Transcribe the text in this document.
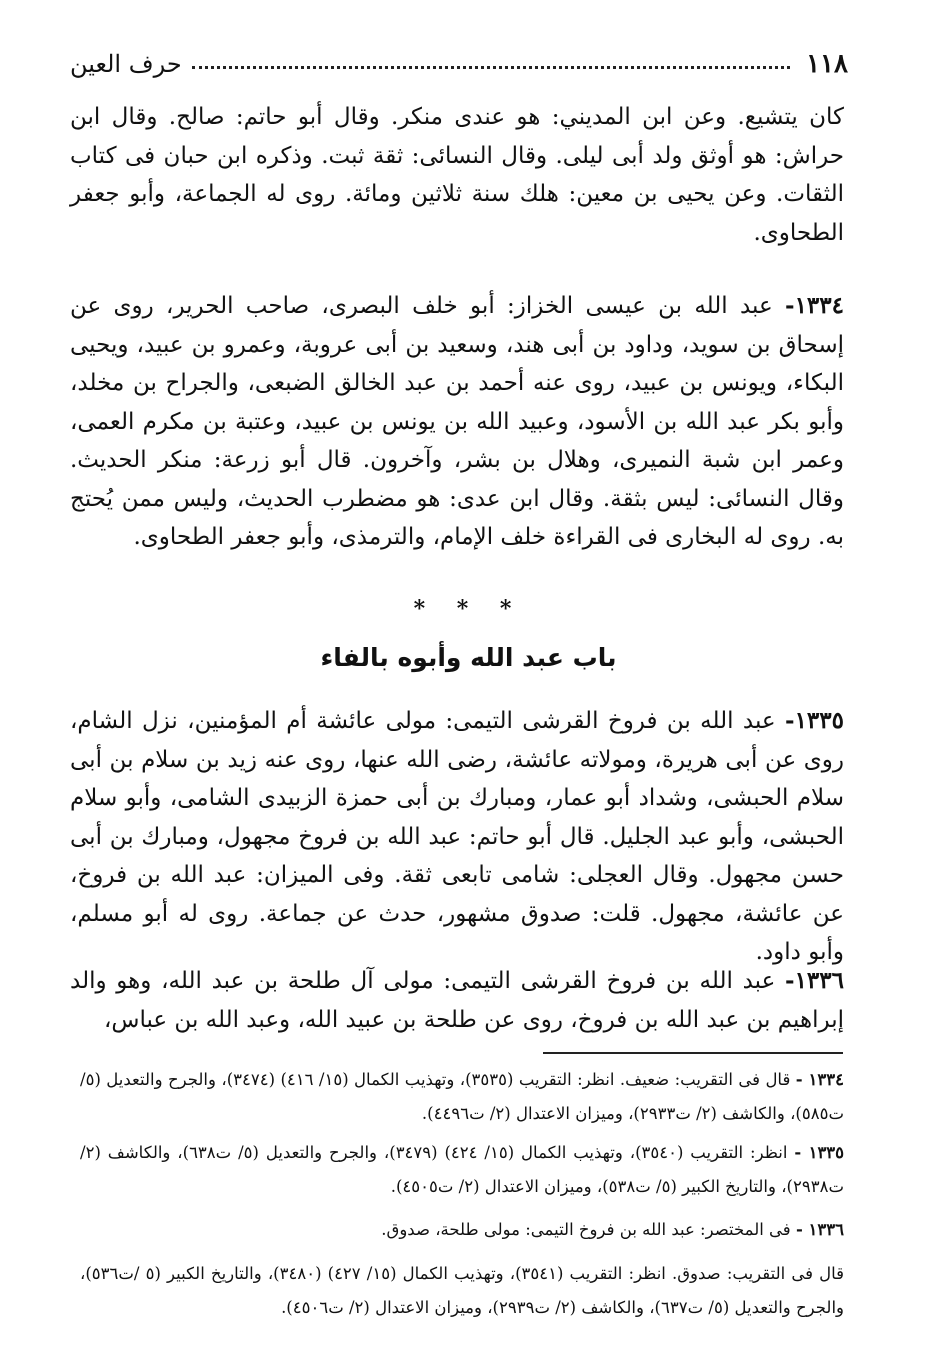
١١٨
حرف العين

كان يتشيع. وعن ابن المديني: هو عندى منكر. وقال أبو حاتم: صالح. وقال ابن حراش: هو أوثق ولد أبى ليلى. وقال النسائى: ثقة ثبت. وذكره ابن حبان فى كتاب الثقات. وعن يحيى بن معين: هلك سنة ثلاثين ومائة. روى له الجماعة، وأبو جعفر الطحاوى.

١٣٣٤- عبد الله بن عيسى الخزاز: أبو خلف البصرى، صاحب الحرير، روى عن إسحاق بن سويد، وداود بن أبى هند، وسعيد بن أبى عروبة، وعمرو بن عبيد، ويحيى البكاء، ويونس بن عبيد، روى عنه أحمد بن عبد الخالق الضبعى، والجراح بن مخلد، وأبو بكر عبد الله بن الأسود، وعبيد الله بن يونس بن عبيد، وعتبة بن مكرم العمى، وعمر ابن شبة النميرى، وهلال بن بشر، وآخرون. قال أبو زرعة: منكر الحديث. وقال النسائى: ليس بثقة. وقال ابن عدى: هو مضطرب الحديث، وليس ممن يُحتج به. روى له البخارى فى القراءة خلف الإمام، والترمذى، وأبو جعفر الطحاوى.

* * *
باب عبد الله وأبوه بالفاء

١٣٣٥- عبد الله بن فروخ القرشى التيمى: مولى عائشة أم المؤمنين، نزل الشام، روى عن أبى هريرة، ومولاته عائشة، رضى الله عنها، روى عنه زيد بن سلام بن أبى سلام الحبشى، وشداد أبو عمار، ومبارك بن أبى حمزة الزبيدى الشامى، وأبو سلام الحبشى، وأبو عبد الجليل. قال أبو حاتم: عبد الله بن فروخ مجهول، ومبارك بن أبى حسن مجهول. وقال العجلى: شامى تابعى ثقة. وفى الميزان: عبد الله بن فروخ، عن عائشة، مجهول. قلت: صدوق مشهور، حدث عن جماعة. روى له أبو مسلم، وأبو داود.

١٣٣٦- عبد الله بن فروخ القرشى التيمى: مولى آل طلحة بن عبد الله، وهو والد إبراهيم بن عبد الله بن فروخ، روى عن طلحة بن عبيد الله، وعبد الله بن عباس،

١٣٣٤ - قال فى التقريب: ضعيف. انظر: التقريب (٣٥٣٥)، وتهذيب الكمال (١٥/ ٤١٦) (٣٤٧٤)، والجرح والتعديل (٥/ ت٥٨٥)، والكاشف (٢/ ت٢٩٣٣)، وميزان الاعتدال (٢/ ت٤٤٩٦).

١٣٣٥ - انظر: التقريب (٣٥٤٠)، وتهذيب الكمال (١٥/ ٤٢٤) (٣٤٧٩)، والجرح والتعديل (٥/ ت٦٣٨)، والكاشف (٢/ ت٢٩٣٨)، والتاريخ الكبير (٥/ ت٥٣٨)، وميزان الاعتدال (٢/ ت٤٥٠٥).

١٣٣٦ - فى المختصر: عبد الله بن فروخ التيمى: مولى طلحة، صدوق.

قال فى التقريب: صدوق. انظر: التقريب (٣٥٤١)، وتهذيب الكمال (١٥/ ٤٢٧) (٣٤٨٠)، والتاريخ الكبير (٥ /ت٥٣٦)، والجرح والتعديل (٥/ ت٦٣٧)، والكاشف (٢/ ت٢٩٣٩)، وميزان الاعتدال (٢/ ت٤٥٠٦).
